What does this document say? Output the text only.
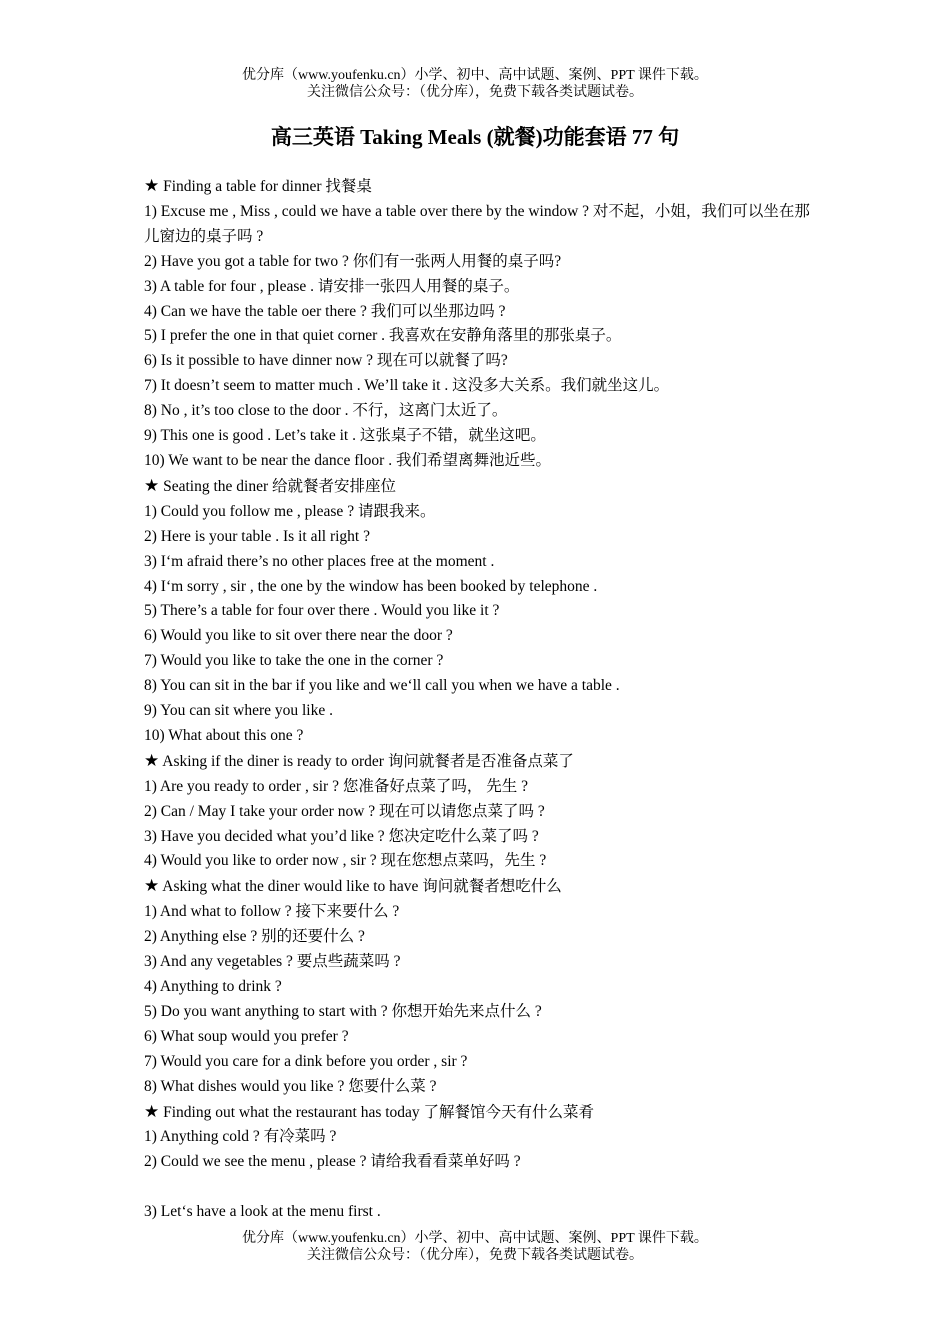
优分库（www.youfenku.cn）小学、初中、高中试题、案例、PPT 课件下载。
关注微信公众号：（优分库），免费下载各类试题试卷。
高三英语 Taking Meals (就餐)功能套语 77 句
★ Finding a table for dinner 找餐桌
1) Excuse me , Miss , could we have a table over there by the window ? 对不起，小姐，我们可以坐在那儿窗边的桌子吗 ?
2) Have you got a table for two ? 你们有一张两人用餐的桌子吗?
3) A table for four , please . 请安排一张四人用餐的桌子。
4) Can we have the table oer there ? 我们可以坐那边吗 ?
5) I prefer the one in that quiet corner . 我喜欢在安静角落里的那张桌子。
6) Is it possible to have dinner now ? 现在可以就餐了吗?
7) It doesn’t seem to matter much . We’ll take it . 这没多大关系。我们就坐这儿。
8) No , it’s too close to the door . 不行，这离门太近了。
9) This one is good . Let’s take it . 这张桌子不错，就坐这吧。
10) We want to be near the dance floor . 我们希望离舞池近些。
★ Seating the diner 给就餐者安排座位
1) Could you follow me , please ? 请跟我来。
2) Here is your table . Is it all right ?
3) I‘m afraid there’s no other places free at the moment .
4) I‘m sorry , sir , the one by the window has been booked by telephone .
5) There’s a table for four over there . Would you like it ?
6) Would you like to sit over there near the door ?
7) Would you like to take the one in the corner ?
8) You can sit in the bar if you like and we‘ll call you when we have a table .
9) You can sit where you like .
10) What about this one ?
★ Asking if the diner is ready to order 询问就餐者是否准备点菜了
1) Are you ready to order , sir ? 您准备好点菜了吗， 先生 ?
2) Can / May I take your order now ? 现在可以请您点菜了吗 ?
3) Have you decided what you’d like ? 您决定吃什么菜了吗 ?
4) Would you like to order now , sir ? 现在您想点菜吗，先生 ?
★ Asking what the diner would like to have 询问就餐者想吃什么
1) And what to follow ? 接下来要什么 ?
2) Anything else ? 别的还要什么 ?
3) And any vegetables ? 要点些蔬菜吗 ?
4) Anything to drink ?
5) Do you want anything to start with ? 你想开始先来点什么 ?
6) What soup would you prefer ?
7) Would you care for a dink before you order , sir ?
8) What dishes would you like ? 您要什么菜 ?
★ Finding out what the restaurant has today 了解餐馆今天有什么菜肴
1) Anything cold ? 有冷菜吗 ?
2) Could we see the menu , please ? 请给我看看菜单好吗 ?
3) Let‘s have a look at the menu first .
优分库（www.youfenku.cn）小学、初中、高中试题、案例、PPT 课件下载。
关注微信公众号：（优分库），免费下载各类试题试卷。
